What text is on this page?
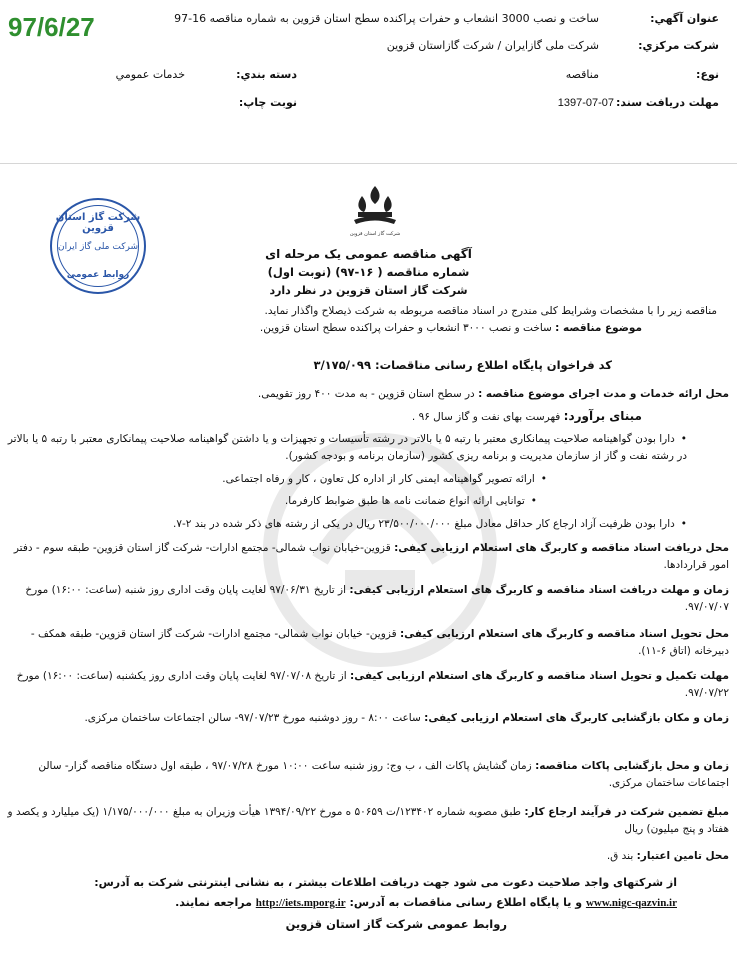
97/6/27	عنوان آگهي:
ساخت و نصب 3000 انشعاب و حفرات پراکنده سطح استان قزوین به شماره مناقصه 16-97
شركت مركزي:
شرکت ملی گازایران / شرکت گازاستان قزوین
نوع:
مناقصه
دسته بندي:
خدمات عمومي
مهلت دريافت سند:
1397-07-07
نوبت چاپ:
شرکت گاز استان قزوین
شرکت ملی گاز ایران
روابط عمومی
شرکت گاز استان قزوین
آگهی مناقصه عمومی یک مرحله ای
شماره مناقصه ( ۱۶-۹۷) (نوبت اول)
شرکت گاز استان قزوین در نظر دارد
مناقصه زیر را با مشخصات وشرایط کلی مندرج در اسناد مناقصه مربوطه به شرکت ذیصلاح واگذار نماید.
موضوع مناقصه : ساخت و نصب ۳۰۰۰ انشعاب و حفرات پراکنده سطح استان قزوین.
کد فراخوان پایگاه اطلاع رسانی مناقصات: ۳/۱۷۵/۰۹۹
محل ارائه خدمات و مدت اجرای موضوع مناقصه : در سطح استان قزوین - به مدت ۴۰۰ روز تقویمی.
مبنای برآورد: فهرست بهای نفت و گاز سال ۹۶ .
• دارا بودن گواهینامه صلاحیت پیمانکاری معتبر با رتبه ۵ یا بالاتر در رشته تأسیسات و تجهیزات و یا داشتن گواهینامه صلاحیت پیمانکاری معتبر با رتبه ۵ یا بالاتر در رشته نفت و گاز از سازمان مدیریت و برنامه ریزی کشور (سازمان برنامه و بودجه کشور).
• ارائه تصویر گواهینامه ایمنی کار از اداره کل تعاون ، کار و رفاه اجتماعی.
• توانایی ارائه انواع ضمانت نامه ها طبق ضوابط کارفرما.
• دارا بودن ظرفیت آزاد ارجاع کار حداقل معادل مبلغ ۲۳/۵۰۰/۰۰۰/۰۰۰ ریال در یکی از رشته های ذکر شده در بند ۲-۷.
محل دریافت اسناد مناقصه و کاربرگ های استعلام ارزیابی کیفی: قزوین-خیابان نواب شمالی- مجتمع ادارات- شرکت گاز استان قزوین- طبقه سوم - دفتر امور قراردادها.
زمان و مهلت دریافت اسناد مناقصه و کاربرگ های استعلام ارزیابی کیفی: از تاریخ ۹۷/۰۶/۳۱ لغایت پایان وقت اداری روز شنبه (ساعت: ۱۶:۰۰) مورخ ۹۷/۰۷/۰۷.
محل تحویل اسناد مناقصه و کاربرگ های استعلام ارزیابی کیفی: قزوین- خیابان نواب شمالی- مجتمع ادارات- شرکت گاز استان قزوین- طبقه همکف - دبیرخانه (اتاق ۶-۱۱).
مهلت تکمیل و تحویل اسناد مناقصه و کاربرگ های استعلام ارزیابی کیفی: از تاریخ ۹۷/۰۷/۰۸ لغایت پایان وقت اداری روز یکشنبه (ساعت: ۱۶:۰۰) مورخ ۹۷/۰۷/۲۲.
زمان و مکان بازگشایی کاربرگ های استعلام ارزیابی کیفی: ساعت ۸:۰۰ - روز دوشنبه مورخ ۹۷/۰۷/۲۳- سالن اجتماعات ساختمان مرکزی.
زمان و محل بازگشایی پاکات مناقصه: زمان گشایش پاکات الف ، ب وج: روز شنبه ساعت ۱۰:۰۰ مورخ ۹۷/۰۷/۲۸ ، طبقه اول دستگاه مناقصه گزار- سالن اجتماعات ساختمان مرکزی.
مبلغ تضمین شرکت در فرآیند ارجاع کار: طبق مصوبه شماره ۱۲۳۴۰۲/ت ۵۰۶۵۹ ه مورخ ۱۳۹۴/۰۹/۲۲ هیأت وزیران به مبلغ ۱/۱۷۵/۰۰۰/۰۰۰ (یک میلیارد و یکصد و هفتاد و پنج میلیون) ریال
محل تامین اعتبار: بند ق.
از شرکتهای واجد صلاحیت دعوت می شود جهت دریافت اطلاعات بیشتر ، به نشانی اینترنتی شرکت به آدرس:
www.nigc-qazvin.ir و یا پایگاه اطلاع رسانی مناقصات به آدرس: http://iets.mporg.ir مراجعه نمایند.
روابط عمومی شرکت گاز استان قزوین
